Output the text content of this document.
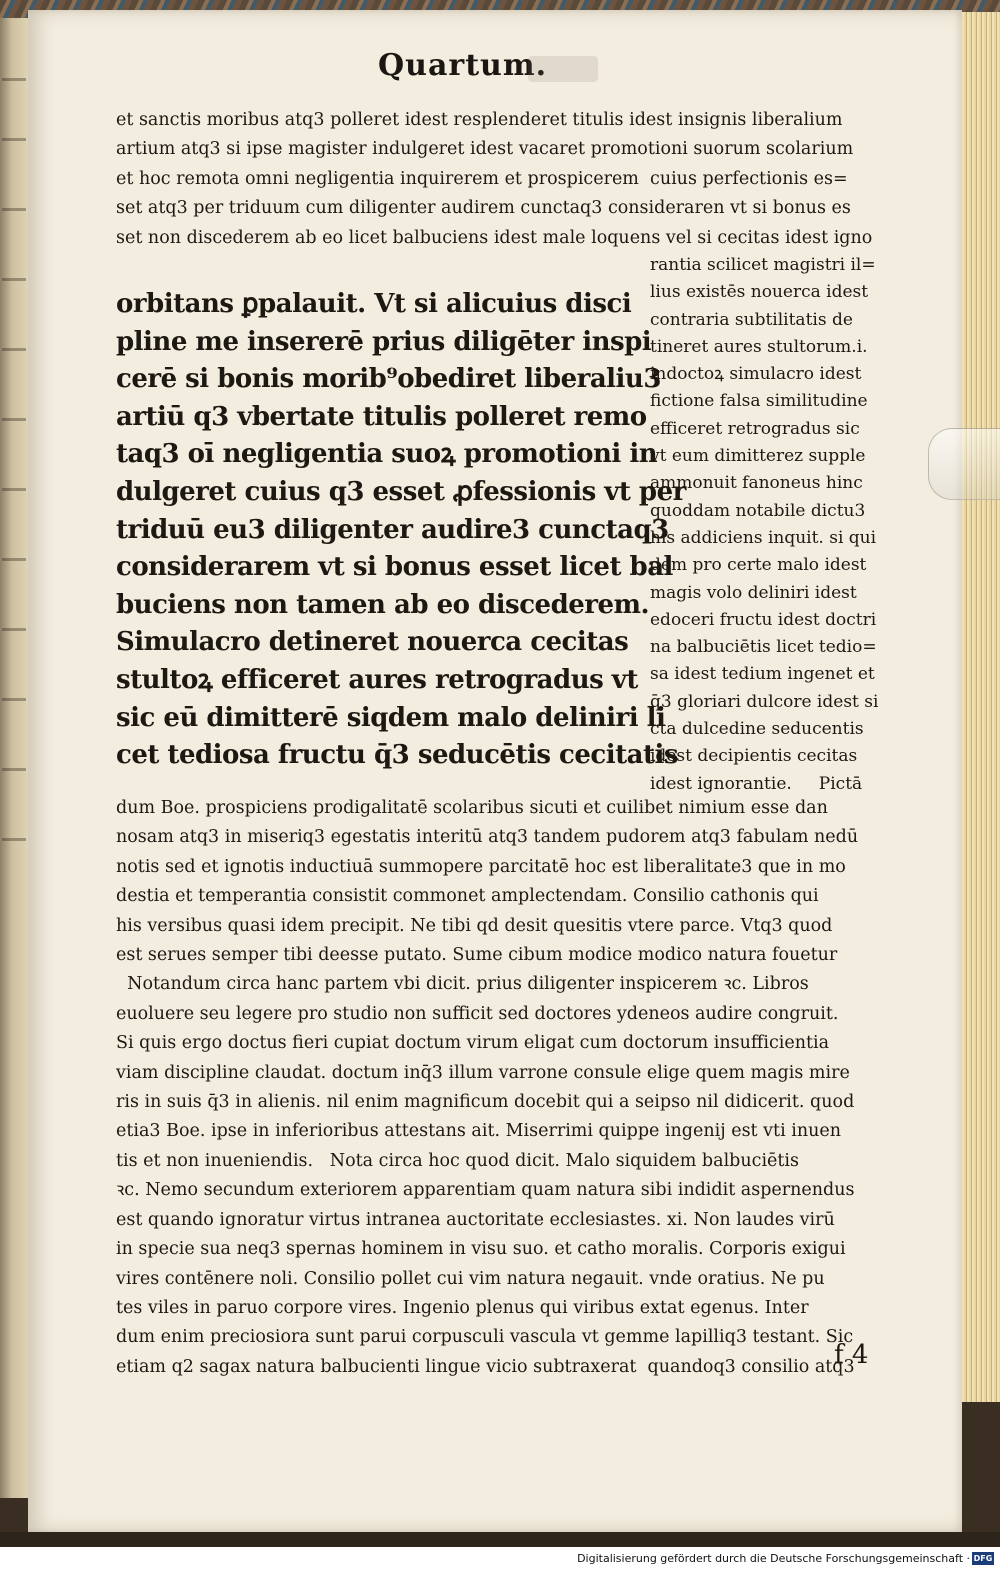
Quartum.
et sanctis moribus atq3 polleret idest resplenderet titulis idest insignis liberalium
artium atq3 si ipse magister indulgeret idest vacaret promotioni suorum scolarium
et hoc remota omni negligentia inquirerem et prospicerem  cuius perfectionis es=
set atq3 per triduum cum diligenter audirem cunctaq3 consideraren vt si bonus es
set non discederem ab eo licet balbuciens idest male loquens vel si cecitas idest igno
orbitans ꝑpalauit. Vt si alicuius disci
pline me insererē prius diligēter inspi
cerē si bonis morib⁹obediret liberaliu3
artiū q3 vbertate titulis polleret remo
taq3 oī negligentia suoꝝ promotioni in
dulgeret cuius q3 esset ꝓfessionis vt per
triduū eu3 diligenter audire3 cunctaq3
considerarem vt si bonus esset licet bal
buciens non tamen ab eo discederem.
Simulacro detineret nouerca cecitas
stultoꝝ efficeret aures retrogradus vt
sic eū dimitterē siqdem malo deliniri li
cet tediosa fructu q̄3 seducētis cecitatis
rantia scilicet magistri il=
lius existēs nouerca idest
contraria subtilitatis de
tineret aures stultorum.i.
indoctoꝝ simulacro idest
fictione falsa similitudine
efficeret retrogradus sic
vt eum dimitterez supple
ammonuit fanoneus hinc
quoddam notabile dictu3
his addiciens inquit. si qui
dem pro certe malo idest
magis volo deliniri idest
edoceri fructu idest doctri
na balbuciētis licet tedio=
sa idest tedium ingenet et
q̄3 gloriari dulcore idest si
cta dulcedine seducentis
idest decipientis cecitas
idest ignorantie.     Pictā
dum Boe. prospiciens prodigalitatē scolaribus sicuti et cuilibet nimium esse dan
nosam atq3 in miseriq3 egestatis interitū atq3 tandem pudorem atq3 fabulam nedū
notis sed et ignotis inductiuā summopere parcitatē hoc est liberalitate3 que in mo
destia et temperantia consistit commonet amplectendam. Consilio cathonis qui
his versibus quasi idem precipit. Ne tibi qd desit quesitis vtere parce. Vtq3 quod
est serues semper tibi deesse putato. Sume cibum modice modico natura fouetur
Notandum circa hanc partem vbi dicit. prius diligenter inspicerem ꝛc. Libros
euoluere seu legere pro studio non sufficit sed doctores ydeneos audire congruit.
Si quis ergo doctus fieri cupiat doctum virum eligat cum doctorum insufficientia
viam discipline claudat. doctum inq̄3 illum varrone consule elige quem magis mire
ris in suis q̄3 in alienis. nil enim magnificum docebit qui a seipso nil didicerit. quod
etia3 Boe. ipse in inferioribus attestans ait. Miserrimi quippe ingenij est vti inuen
tis et non inueniendis.   Nota circa hoc quod dicit. Malo siquidem balbuciētis
ꝛc. Nemo secundum exteriorem apparentiam quam natura sibi indidit aspernendus
est quando ignoratur virtus intranea auctoritate ecclesiastes. xi. Non laudes virū
in specie sua neq3 spernas hominem in visu suo. et catho moralis. Corporis exigui
vires contēnere noli. Consilio pollet cui vim natura negauit. vnde oratius. Ne pu
tes viles in paruo corpore vires. Ingenio plenus qui viribus extat egenus. Inter
dum enim preciosiora sunt parui corpusculi vascula vt gemme lapilliq3 testant. Sic
etiam q2 sagax natura balbucienti lingue vicio subtraxerat  quandoq3 consilio atq3
f 4
Digitalisierung gefördert durch die Deutsche Forschungsgemeinschaft · DFG
